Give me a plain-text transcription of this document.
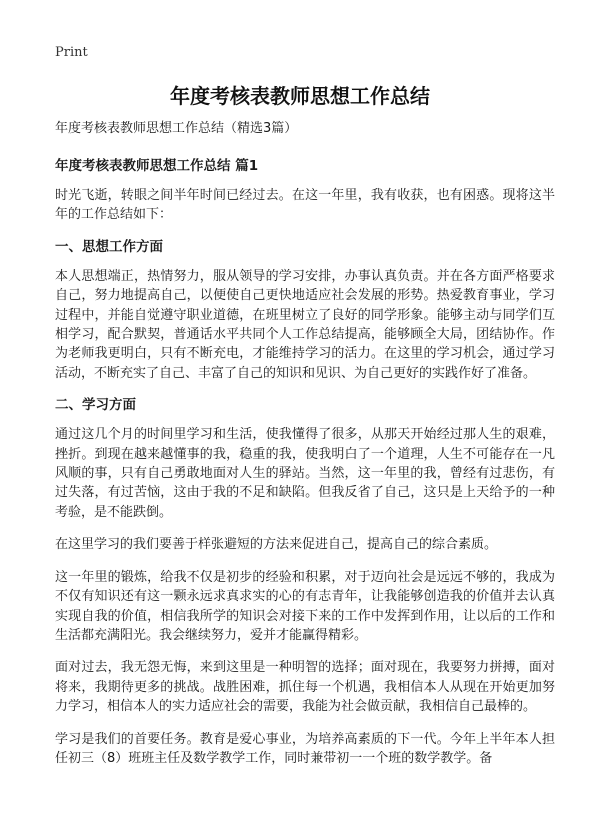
Print

年度考核表教师思想工作总结

年度考核表教师思想工作总结（精选3篇）

年度考核表教师思想工作总结 篇1

时光飞逝，转眼之间半年时间已经过去。在这一年里，我有收获，也有困惑。现将这半年的工作总结如下：

一、思想工作方面

本人思想端正，热情努力，服从领导的学习安排，办事认真负责。并在各方面严格要求自己，努力地提高自己，以便使自己更快地适应社会发展的形势。热爱教育事业，学习过程中，并能自觉遵守职业道德，在班里树立了良好的同学形象。能够主动与同学们互相学习，配合默契，普通话水平共同个人工作总结提高，能够顾全大局，团结协作。作为老师我更明白，只有不断充电，才能维持学习的活力。在这里的学习机会，通过学习活动，不断充实了自己、丰富了自己的知识和见识、为自己更好的实践作好了准备。

二、学习方面

通过这几个月的时间里学习和生活，使我懂得了很多，从那天开始经过那人生的艰难，挫折。到现在越来越懂事的我，稳重的我，使我明白了一个道理，人生不可能存在一凡风顺的事，只有自己勇敢地面对人生的驿站。当然，这一年里的我，曾经有过悲伤，有过失落，有过苦恼，这由于我的不足和缺陷。但我反省了自己，这只是上天给予的一种考验，是不能跌倒。

在这里学习的我们要善于样张避短的方法来促进自己，提高自己的综合素质。

这一年里的锻炼，给我不仅是初步的经验和积累，对于迈向社会是远远不够的，我成为不仅有知识还有这一颗永远求真求实的心的有志青年，让我能够创造我的价值并去认真实现自我的价值，相信我所学的知识会对接下来的工作中发挥到作用，让以后的工作和生活都充满阳光。我会继续努力，爱并才能赢得精彩。

面对过去，我无怨无悔，来到这里是一种明智的选择；面对现在，我要努力拼搏，面对将来，我期待更多的挑战。战胜困难，抓住每一个机遇，我相信本人从现在开始更加努力学习，相信本人的实力适应社会的需要，我能为社会做贡献，我相信自己最棒的。

学习是我们的首要任务。教育是爱心事业，为培养高素质的下一代。今年上半年本人担任初三（8）班班主任及数学教学工作，同时兼带初一一个班的数学教学。备
